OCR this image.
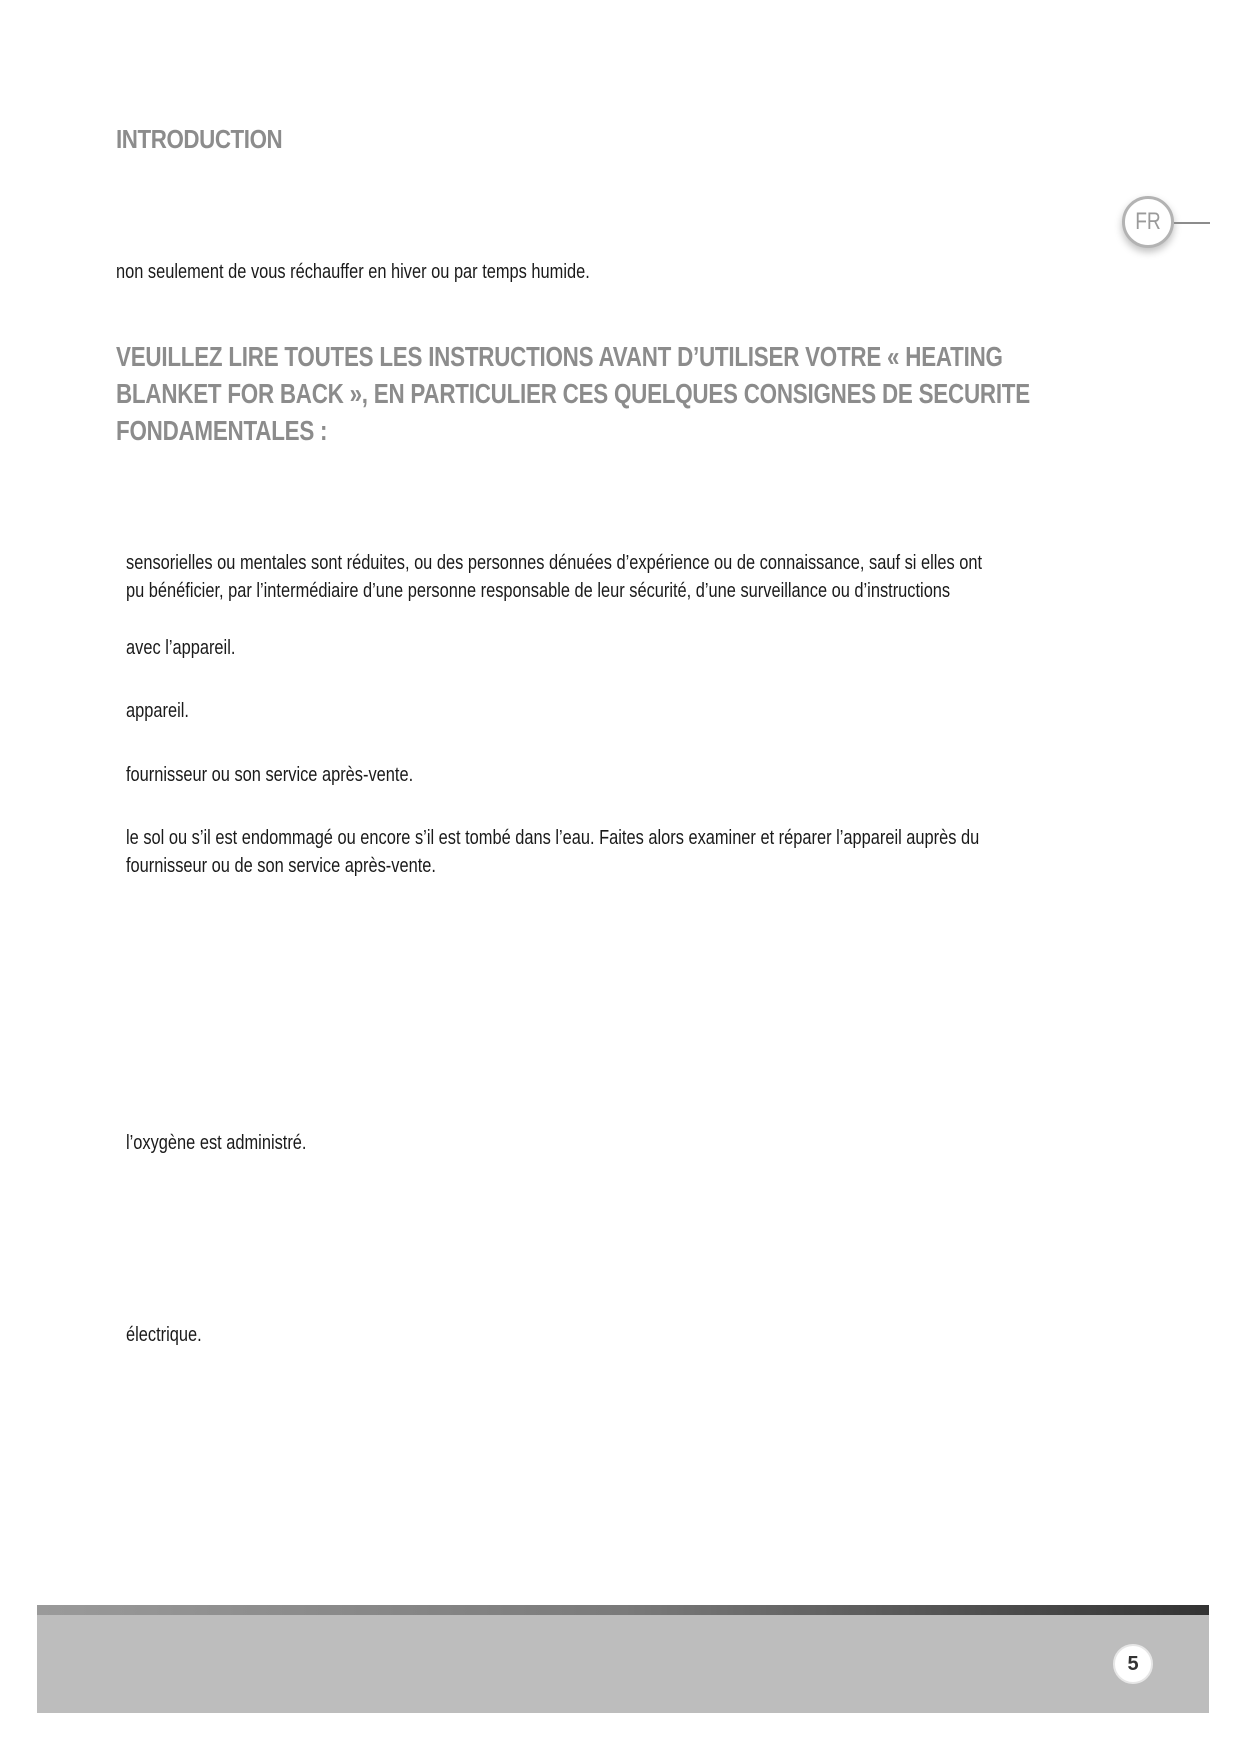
INTRODUCTION
FR

non seulement de vous réchauffer en hiver ou par temps humide.

VEUILLEZ LIRE TOUTES LES INSTRUCTIONS AVANT D’UTILISER VOTRE « HEATING
BLANKET FOR BACK », EN PARTICULIER CES QUELQUES CONSIGNES DE SECURITE
FONDAMENTALES :

sensorielles ou mentales sont réduites, ou des personnes dénuées d’expérience ou de connaissance, sauf si elles ont

pu bénéficier, par l’intermédiaire d’une personne responsable de leur sécurité, d’une surveillance ou d’instructions

avec l’appareil.

appareil.

fournisseur ou son service après-vente.

le sol ou s’il est endommagé ou encore s’il est tombé dans l’eau. Faites alors examiner et réparer l’appareil auprès du

fournisseur ou de son service après-vente.

l’oxygène est administré.

électrique.

5
